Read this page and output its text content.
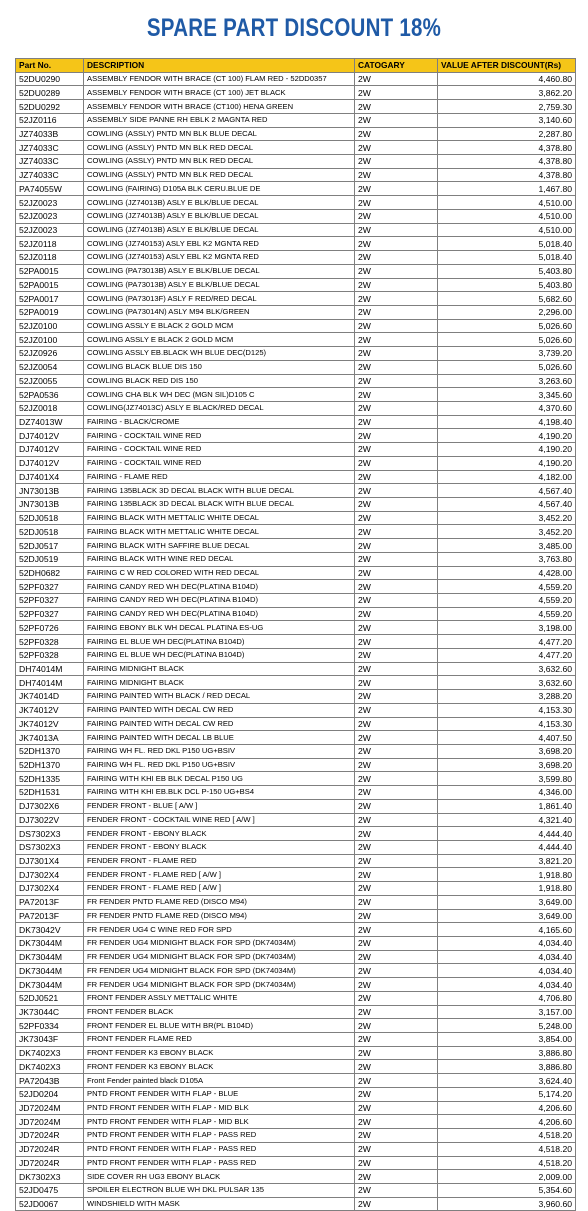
SPARE PART DISCOUNT 18%
Part No.	DESCRIPTION	CATOGARY	VALUE AFTER DISCOUNT(Rs)
52DU0290	ASSEMBLY FENDOR WITH BRACE (CT 100) FLAM RED - 52DD0357	2W	4,460.80
52DU0289	ASSEMBLY FENDOR WITH BRACE (CT 100) JET BLACK	2W	3,862.20
52DU0292	ASSEMBLY FENDOR WITH BRACE (CT100) HENA GREEN	2W	2,759.30
52JZ0116	ASSEMBLY SIDE PANNE RH EBLK 2 MAGNTA RED	2W	3,140.60
JZ74033B	COWLING (ASSLY) PNTD MN BLK BLUE DECAL	2W	2,287.80
JZ74033C	COWLING (ASSLY) PNTD MN BLK RED DECAL	2W	4,378.80
JZ74033C	COWLING (ASSLY) PNTD MN BLK RED DECAL	2W	4,378.80
JZ74033C	COWLING (ASSLY) PNTD MN BLK RED DECAL	2W	4,378.80
PA74055W	COWLING (FAIRING) D105A BLK CERU.BLUE DE	2W	1,467.80
52JZ0023	COWLING (JZ74013B) ASLY E BLK/BLUE DECAL	2W	4,510.00
52JZ0023	COWLING (JZ74013B) ASLY E BLK/BLUE DECAL	2W	4,510.00
52JZ0023	COWLING (JZ74013B) ASLY E BLK/BLUE DECAL	2W	4,510.00
52JZ0118	COWLING (JZ740153) ASLY EBL K2 MGNTA RED	2W	5,018.40
52JZ0118	COWLING (JZ740153) ASLY EBL K2 MGNTA RED	2W	5,018.40
52PA0015	COWLING (PA73013B) ASLY E BLK/BLUE DECAL	2W	5,403.80
52PA0015	COWLING (PA73013B) ASLY E BLK/BLUE DECAL	2W	5,403.80
52PA0017	COWLING (PA73013F) ASLY F RED/RED DECAL	2W	5,682.60
52PA0019	COWLING (PA73014N) ASLY M94 BLK/GREEN	2W	2,296.00
52JZ0100	COWLING ASSLY E BLACK 2 GOLD MCM	2W	5,026.60
52JZ0100	COWLING ASSLY E BLACK 2 GOLD MCM	2W	5,026.60
52JZ0926	COWLING ASSLY EB.BLACK WH BLUE DEC(D125)	2W	3,739.20
52JZ0054	COWLING BLACK BLUE DIS 150	2W	5,026.60
52JZ0055	COWLING BLACK RED DIS 150	2W	3,263.60
52PA0536	COWLING CHA BLK WH DEC (MGN SIL)D105 C	2W	3,345.60
52JZ0018	COWLING(JZ74013C) ASLY E BLACK/RED DECAL	2W	4,370.60
DZ74013W	FAIRING - BLACK/CROME	2W	4,198.40
DJ74012V	FAIRING - COCKTAIL WINE RED	2W	4,190.20
DJ74012V	FAIRING - COCKTAIL WINE RED	2W	4,190.20
DJ74012V	FAIRING - COCKTAIL WINE RED	2W	4,190.20
DJ7401X4	FAIRING - FLAME RED	2W	4,182.00
JN73013B	FAIRING 135BLACK 3D DECAL BLACK WITH BLUE DECAL	2W	4,567.40
JN73013B	FAIRING 135BLACK 3D DECAL BLACK WITH BLUE DECAL	2W	4,567.40
52DJ0518	FAIRING BLACK WITH METTALIC WHITE DECAL	2W	3,452.20
52DJ0518	FAIRING BLACK WITH METTALIC WHITE DECAL	2W	3,452.20
52DJ0517	FAIRING BLACK WITH SAFFIRE BLUE DECAL	2W	3,485.00
52DJ0519	FAIRING BLACK WITH WINE RED DECAL	2W	3,763.80
52DH0682	FAIRING C W RED COLORED WITH RED DECAL	2W	4,428.00
52PF0327	FAIRING CANDY RED WH DEC(PLATINA B104D)	2W	4,559.20
52PF0327	FAIRING CANDY RED WH DEC(PLATINA B104D)	2W	4,559.20
52PF0327	FAIRING CANDY RED WH DEC(PLATINA B104D)	2W	4,559.20
52PF0726	FAIRING EBONY BLK WH DECAL PLATINA ES-UG	2W	3,198.00
52PF0328	FAIRING EL BLUE WH DEC(PLATINA B104D)	2W	4,477.20
52PF0328	FAIRING EL BLUE WH DEC(PLATINA B104D)	2W	4,477.20
DH74014M	FAIRING MIDNIGHT BLACK	2W	3,632.60
DH74014M	FAIRING MIDNIGHT BLACK	2W	3,632.60
JK74014D	FAIRING PAINTED WITH BLACK / RED DECAL	2W	3,288.20
JK74012V	FAIRING PAINTED WITH DECAL CW RED	2W	4,153.30
JK74012V	FAIRING PAINTED WITH DECAL CW RED	2W	4,153.30
JK74013A	FAIRING PAINTED WITH DECAL LB BLUE	2W	4,407.50
52DH1370	FAIRING WH FL. RED DKL P150 UG+BSIV	2W	3,698.20
52DH1370	FAIRING WH FL. RED DKL P150 UG+BSIV	2W	3,698.20
52DH1335	FAIRING WITH KHI EB BLK DECAL P150 UG	2W	3,599.80
52DH1531	FAIRING WITH KHI EB.BLK DCL P-150 UG+BS4	2W	4,346.00
DJ7302X6	FENDER FRONT - BLUE [ A/W ]	2W	1,861.40
DJ73022V	FENDER FRONT - COCKTAIL WINE RED [ A/W ]	2W	4,321.40
DS7302X3	FENDER FRONT - EBONY BLACK	2W	4,444.40
DS7302X3	FENDER FRONT - EBONY BLACK	2W	4,444.40
DJ7301X4	FENDER FRONT - FLAME RED	2W	3,821.20
DJ7302X4	FENDER FRONT - FLAME RED [ A/W ]	2W	1,918.80
DJ7302X4	FENDER FRONT - FLAME RED [ A/W ]	2W	1,918.80
PA72013F	FR FENDER PNTD FLAME RED (DISCO M94)	2W	3,649.00
PA72013F	FR FENDER PNTD FLAME RED (DISCO M94)	2W	3,649.00
DK73042V	FR FENDER UG4 C WINE RED FOR SPD	2W	4,165.60
DK73044M	FR FENDER UG4 MIDNIGHT BLACK FOR SPD (DK74034M)	2W	4,034.40
DK73044M	FR FENDER UG4 MIDNIGHT BLACK FOR SPD (DK74034M)	2W	4,034.40
DK73044M	FR FENDER UG4 MIDNIGHT BLACK FOR SPD (DK74034M)	2W	4,034.40
DK73044M	FR FENDER UG4 MIDNIGHT BLACK FOR SPD (DK74034M)	2W	4,034.40
52DJ0521	FRONT FENDER ASSLY METTALIC WHITE	2W	4,706.80
JK73044C	FRONT FENDER BLACK	2W	3,157.00
52PF0334	FRONT FENDER EL BLUE WITH BR(PL B104D)	2W	5,248.00
JK73043F	FRONT FENDER FLAME RED	2W	3,854.00
DK7402X3	FRONT FENDER K3 EBONY BLACK	2W	3,886.80
DK7402X3	FRONT FENDER K3 EBONY BLACK	2W	3,886.80
PA72043B	Front Fender painted black D105A	2W	3,624.40
52JD0204	PNTD FRONT FENDER WITH FLAP - BLUE	2W	5,174.20
JD72024M	PNTD FRONT FENDER WITH FLAP - MID BLK	2W	4,206.60
JD72024M	PNTD FRONT FENDER WITH FLAP - MID BLK	2W	4,206.60
JD72024R	PNTD FRONT FENDER WITH FLAP - PASS RED	2W	4,518.20
JD72024R	PNTD FRONT FENDER WITH FLAP - PASS RED	2W	4,518.20
JD72024R	PNTD FRONT FENDER WITH FLAP - PASS RED	2W	4,518.20
DK7302X3	SIDE COVER RH UG3 EBONY BLACK	2W	2,009.00
52JD0475	SPOILER ELECTRON BLUE WH DKL PULSAR 135	2W	5,354.60
52JD0067	WINDSHIELD WITH MASK	2W	3,960.60
